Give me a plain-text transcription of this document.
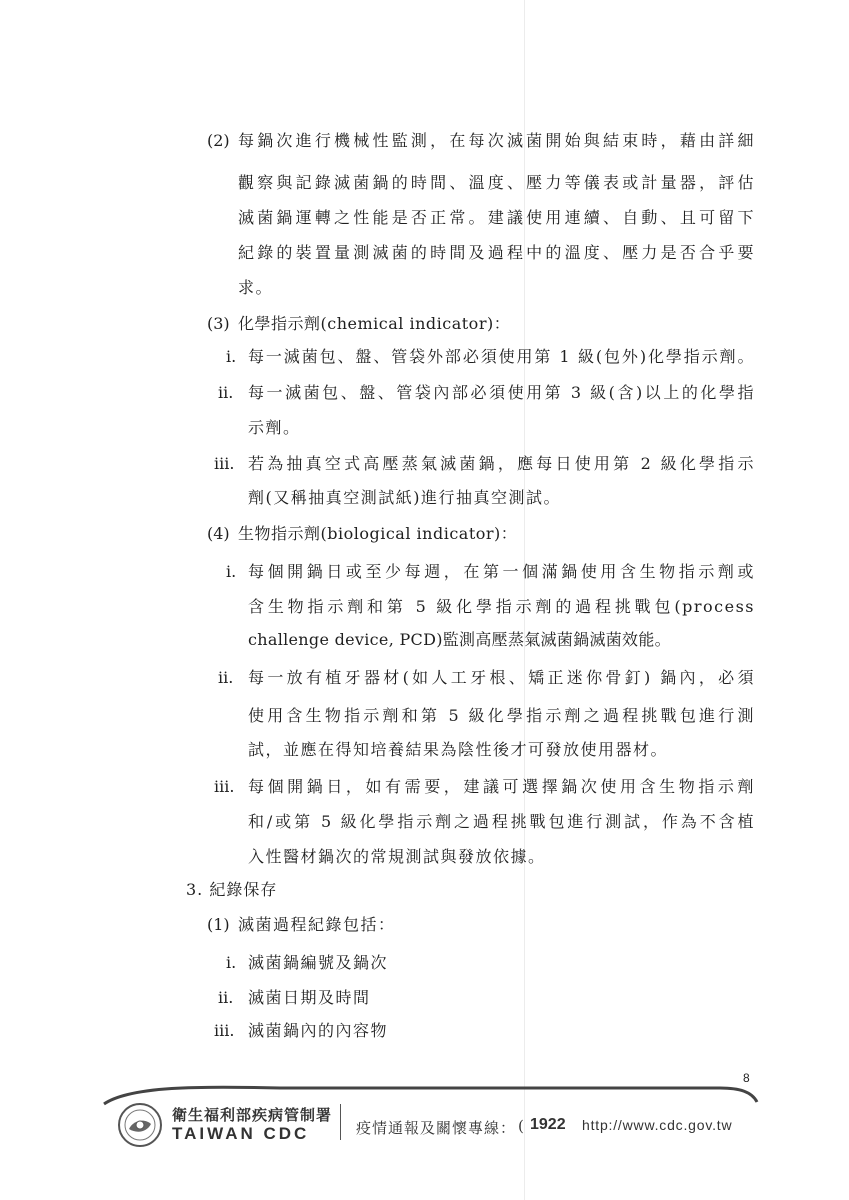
(2) 每鍋次進行機械性監測，在每次滅菌開始與結束時，藉由詳細
觀察與記錄滅菌鍋的時間、溫度、壓力等儀表或計量器，評估
滅菌鍋運轉之性能是否正常。建議使用連續、自動、且可留下
紀錄的裝置量測滅菌的時間及過程中的溫度、壓力是否合乎要
求。
(3) 化學指示劑(chemical indicator)：
i. 每一滅菌包、盤、管袋外部必須使用第 1 級(包外)化學指示劑。
ii. 每一滅菌包、盤、管袋內部必須使用第 3 級(含)以上的化學指
示劑。
iii. 若為抽真空式高壓蒸氣滅菌鍋，應每日使用第 2 級化學指示
劑(又稱抽真空測試紙)進行抽真空測試。
(4) 生物指示劑(biological indicator)：
i. 每個開鍋日或至少每週，在第一個滿鍋使用含生物指示劑或
含生物指示劑和第 5 級化學指示劑的過程挑戰包(process
challenge device, PCD)監測高壓蒸氣滅菌鍋滅菌效能。
ii. 每一放有植牙器材(如人工牙根、矯正迷你骨釘) 鍋內，必須
使用含生物指示劑和第 5 級化學指示劑之過程挑戰包進行測
試，並應在得知培養結果為陰性後才可發放使用器材。
iii. 每個開鍋日，如有需要，建議可選擇鍋次使用含生物指示劑
和/或第 5 級化學指示劑之過程挑戰包進行測試，作為不含植
入性醫材鍋次的常規測試與發放依據。
3. 紀錄保存
(1) 滅菌過程紀錄包括：
i. 滅菌鍋編號及鍋次
ii. 滅菌日期及時間
iii. 滅菌鍋內的內容物
8
衛生福利部疾病管制署
TAIWAN CDC	疫情通報及關懷專線： ( 1922 http://www.cdc.gov.tw
